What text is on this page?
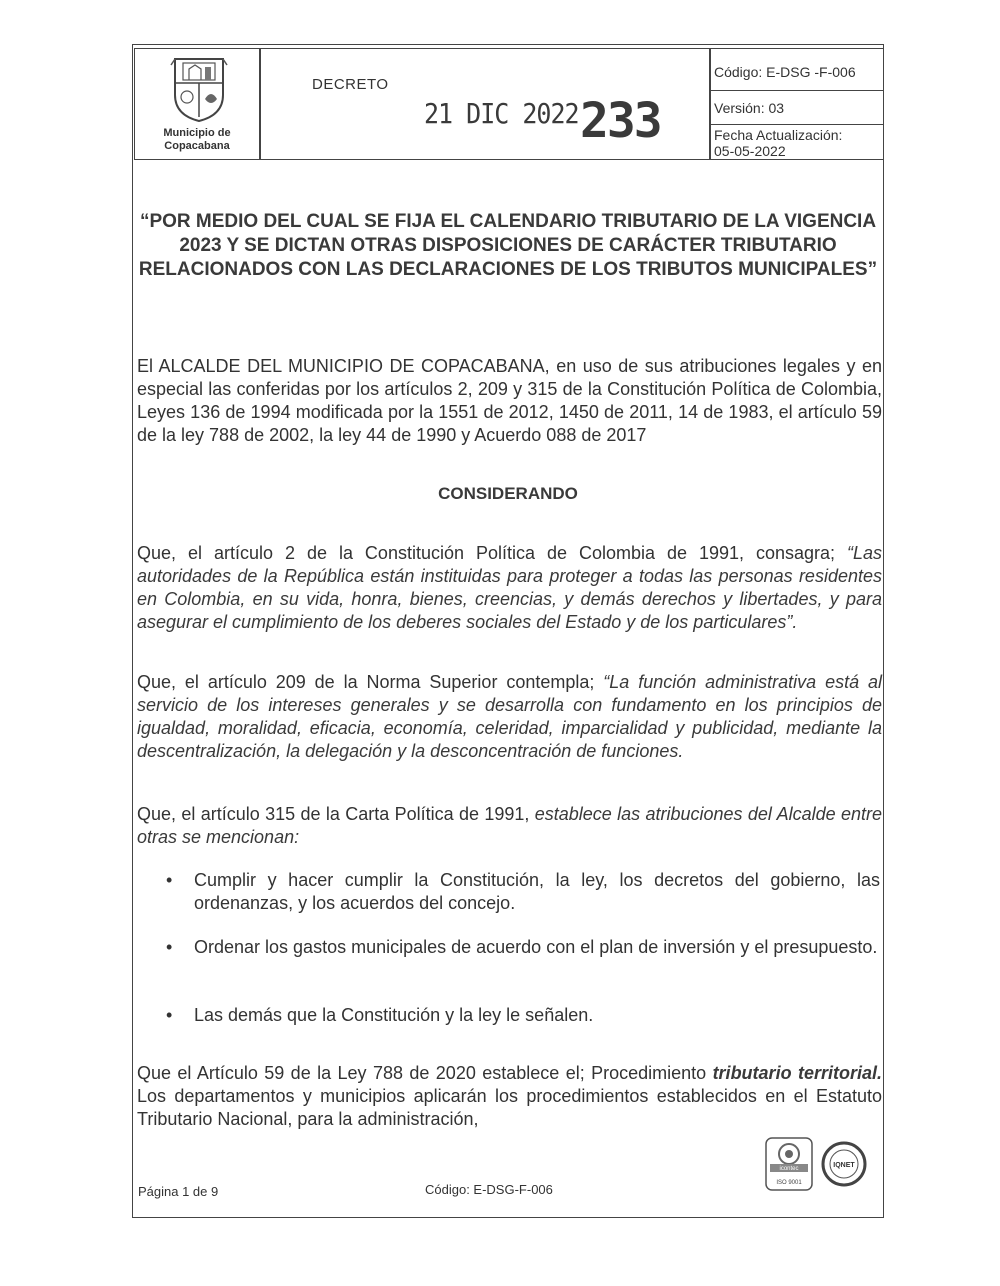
Municipio de
Copacabana
Código: E-DSG -F-006
Versión: 03
Fecha Actualización:
05-05-2022
DECRETO
21 DIC 2022 233
“POR MEDIO DEL CUAL SE FIJA EL CALENDARIO TRIBUTARIO DE LA VIGENCIA 2023 Y SE DICTAN OTRAS DISPOSICIONES DE CARÁCTER TRIBUTARIO RELACIONADOS CON LAS DECLARACIONES DE LOS TRIBUTOS MUNICIPALES”
El ALCALDE DEL MUNICIPIO DE COPACABANA, en uso de sus atribuciones legales y en especial las conferidas por los artículos 2, 209 y 315 de la Constitución Política de Colombia, Leyes 136 de 1994 modificada por la 1551 de 2012, 1450 de 2011, 14 de 1983, el artículo 59 de la ley 788 de 2002, la ley 44 de 1990 y Acuerdo 088 de 2017
CONSIDERANDO
Que, el artículo 2 de la Constitución Política de Colombia de 1991, consagra; “Las autoridades de la República están instituidas para proteger a todas las personas residentes en Colombia, en su vida, honra, bienes, creencias, y demás derechos y libertades, y para asegurar el cumplimiento de los deberes sociales del Estado y de los particulares”.
Que, el artículo 209 de la Norma Superior contempla; “La función administrativa está al servicio de los intereses generales y se desarrolla con fundamento en los principios de igualdad, moralidad, eficacia, economía, celeridad, imparcialidad y publicidad, mediante la descentralización, la delegación y la desconcentración de funciones.
Que, el artículo 315 de la Carta Política de 1991, establece las atribuciones del Alcalde entre otras se mencionan:
• Cumplir y hacer cumplir la Constitución, la ley, los decretos del gobierno, las ordenanzas, y los acuerdos del concejo.
• Ordenar los gastos municipales de acuerdo con el plan de inversión y el presupuesto.
• Las demás que la Constitución y la ley le señalen.
Que el Artículo 59 de la Ley 788 de 2020 establece el; Procedimiento tributario territorial. Los departamentos y municipios aplicarán los procedimientos establecidos en el Estatuto Tributario Nacional, para la administración,
Página 1 de 9	Código: E-DSG-F-006
icontec
ISO 9001
IQNET
